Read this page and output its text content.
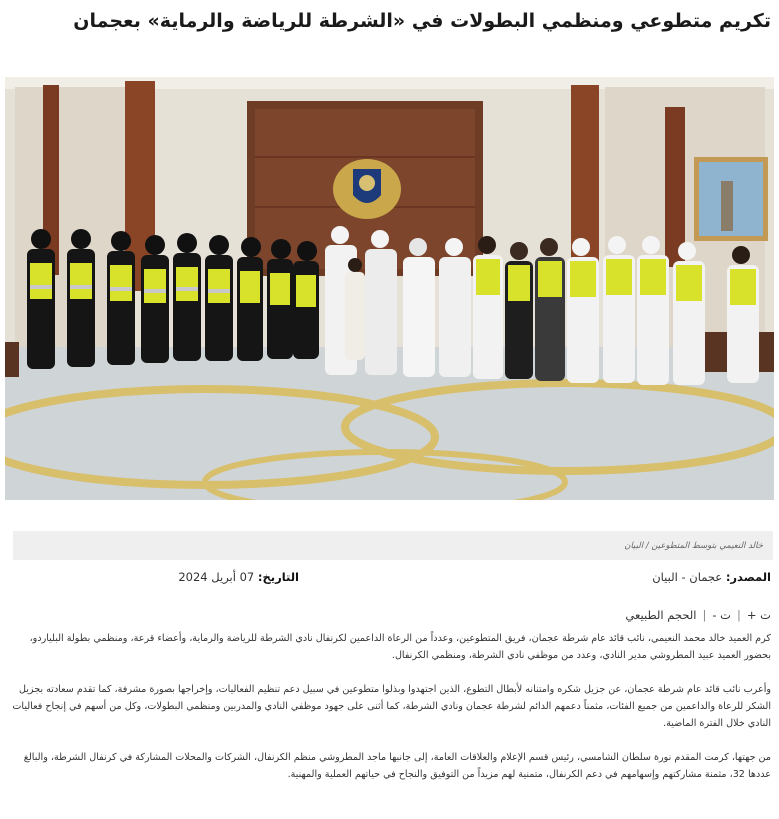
تكريم متطوعي ومنظمي البطولات في «الشرطة للرياضة والرماية» بعجمان
خالد النعيمي بتوسط المتطوعين / البيان
المصدر: عجمان - البيان
التاريخ: 07 أبريل 2024
ت +
|
ت -
|
الحجم الطبيعي

كرم العميد خالد محمد النعيمي، نائب قائد عام شرطة عجمان، فريق المتطوعين، وعدداً من الرعاة الداعمين لكرنفال نادي الشرطة للرياضة والرماية، وأعضاء قرعة، ومنظمي بطولة البلياردو، بحضور العميد عبيد المطروشي مدير النادي، وعدد من موظفي نادي الشرطة، ومنظمي الكرنفال.

وأعرب نائب قائد عام شرطة عجمان، عن جزيل شكره وامتنانه لأبطال التطوع، الذين اجتهدوا وبذلوا متطوعين في سبيل دعم تنظيم الفعاليات، وإخراجها بصورة مشرفة، كما تقدم سعادته بجزيل الشكر للرعاة والداعمين من جميع الفئات، مثمناً دعمهم الدائم لشرطة عجمان ونادي الشرطة، كما أثنى على جهود موظفي النادي والمدربين ومنظمي البطولات، وكل من أسهم في إنجاح فعاليات النادي خلال الفترة الماضية.

من جهتها، كرمت المقدم نورة سلطان الشامسي، رئيس قسم الإعلام والعلاقات العامة، إلى جانبها ماجد المطروشي منظم الكرنفال، الشركات والمحلات المشاركة في كرنفال الشرطة، والبالغ عددها 32، مثمنة مشاركتهم وإسهامهم في دعم الكرنفال، متمنية لهم مزيداً من التوفيق والنجاح في حياتهم العملية والمهنية.
